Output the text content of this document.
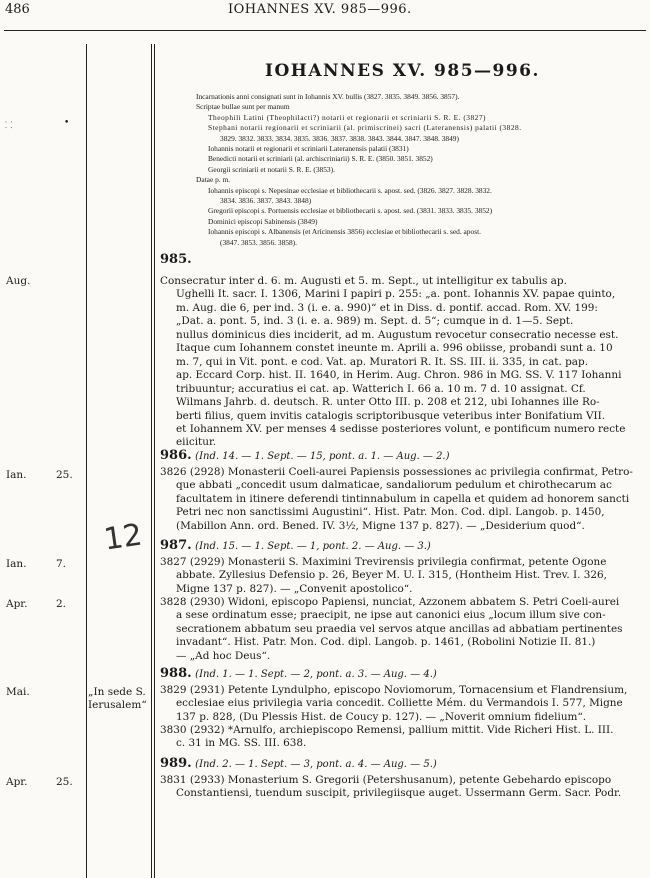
486	IOHANNES XV. 985—996.
IOHANNES XV. 985—996.
Incarnationis anni consignati sunt in Iohannis XV. bullis (3827. 3835. 3849. 3856. 3857).
Scriptae bullae sunt per manum
Theophili Latini (Theophilacti?) notarii et regionarii et scriniarii S. R. E. (3827)
Stephani notarii regionarii et scriniarii (al. primiscrinei) sacri (Lateranensis) palatii (3828.
3829. 3832. 3833. 3834. 3835. 3836. 3837. 3838. 3843. 3844. 3847. 3848. 3849)
Iohannis notarii et regionarii et scriniarii Lateranensis palatii (3831)
Benedicti notarii et scriniarii (al. archiscriniarii) S. R. E. (3850. 3851. 3852)
Georgii scriniarii et notarii S. R. E. (3853).
Datae p. m.
Iohannis episcopi s. Nepesinae ecclesiae et bibliothecarii s. apost. sed. (3826. 3827. 3828. 3832.
3834. 3836. 3837. 3843. 3848)
Gregorii episcopi s. Portuensis ecclesiae et bibliothecarii s. apost. sed. (3831. 3833. 3835. 3852)
Dominici episcopi Sabinensis (3849)
Iohannis episcopi s. Albanensis (et Aricinensis 3856) ecclesiae et bibliothecarii s. sed. apost.
(3847. 3853. 3856. 3858).
Aug.
Ian.	25.
Ian.	7.
Apr.	2.
Mai.
Apr.	25.
„In sede S.
Ierusalem“
12
⸬	•
985.
Consecratur inter d. 6. m. Augusti et 5. m. Sept., ut intelligitur ex tabulis ap.
Ughelli It. sacr. I. 1306, Marini I papiri p. 255: „a. pont. Iohannis XV. papae quinto,
m. Aug. die 6, per ind. 3 (i. e. a. 990)“ et in Diss. d. pontif. accad. Rom. XV. 199:
„Dat. a. pont. 5, ind. 3 (i. e. a. 989) m. Sept. d. 5“; cumque in d. 1—5. Sept.
nullus dominicus dies inciderit, ad m. Augustum revocetur consecratio necesse est.
Itaque cum Iohannem constet ineunte m. Aprili a. 996 obiisse, probandi sunt a. 10
m. 7, qui in Vit. pont. e cod. Vat. ap. Muratori R. It. SS. III. ii. 335, in cat. pap.
ap. Eccard Corp. hist. II. 1640, in Herim. Aug. Chron. 986 in MG. SS. V. 117 Iohanni
tribuuntur; accuratius ei cat. ap. Watterich I. 66 a. 10 m. 7 d. 10 assignat. Cf.
Wilmans Jahrb. d. deutsch. R. unter Otto III. p. 208 et 212, ubi Iohannes ille Ro-
berti filius, quem invitis catalogis scriptoribusque veteribus inter Bonifatium VII.
et Iohannem XV. per menses 4 sedisse posteriores volunt, e pontificum numero recte
eiicitur.
986. (Ind. 14. — 1. Sept. — 15, pont. a. 1. — Aug. — 2.)
3826 (2928) Monasterii Coeli-aurei Papiensis possessiones ac privilegia confirmat, Petro-
que abbati „concedit usum dalmaticae, sandaliorum pedulum et chirothecarum ac
facultatem in itinere deferendi tintinnabulum in capella et quidem ad honorem sancti
Petri nec non sanctissimi Augustini“. Hist. Patr. Mon. Cod. dipl. Langob. p. 1450,
(Mabillon Ann. ord. Bened. IV. 3½, Migne 137 p. 827). — „Desiderium quod“.
987. (Ind. 15. — 1. Sept. — 1, pont. 2. — Aug. — 3.)
3827 (2929) Monasterii S. Maximini Trevirensis privilegia confirmat, petente Ogone
abbate. Zyllesius Defensio p. 26, Beyer M. U. I. 315, (Hontheim Hist. Trev. I. 326,
Migne 137 p. 827). — „Convenit apostolico“.
3828 (2930) Widoni, episcopo Papiensi, nunciat, Azzonem abbatem S. Petri Coeli-aurei
a sese ordinatum esse; praecipit, ne ipse aut canonici eius „locum illum sive con-
secrationem abbatum seu praedia vel servos atque ancillas ad abbatiam pertinentes
invadant“. Hist. Patr. Mon. Cod. dipl. Langob. p. 1461, (Robolini Notizie II. 81.)
— „Ad hoc Deus“.
988. (Ind. 1. — 1. Sept. — 2, pont. a. 3. — Aug. — 4.)
3829 (2931) Petente Lyndulpho, episcopo Noviomorum, Tornacensium et Flandrensium,
ecclesiae eius privilegia varia concedit. Colliette Mém. du Vermandois I. 577, Migne
137 p. 828, (Du Plessis Hist. de Coucy p. 127). — „Noverit omnium fidelium“.
3830 (2932) *Arnulfo, archiepiscopo Remensi, pallium mittit. Vide Richeri Hist. L. III.
c. 31 in MG. SS. III. 638.
989. (Ind. 2. — 1. Sept. — 3, pont. a. 4. — Aug. — 5.)
3831 (2933) Monasterium S. Gregorii (Petershusanum), petente Gebehardo episcopo
Constantiensi, tuendum suscipit, privilegiisque auget. Ussermann Germ. Sacr. Podr.
